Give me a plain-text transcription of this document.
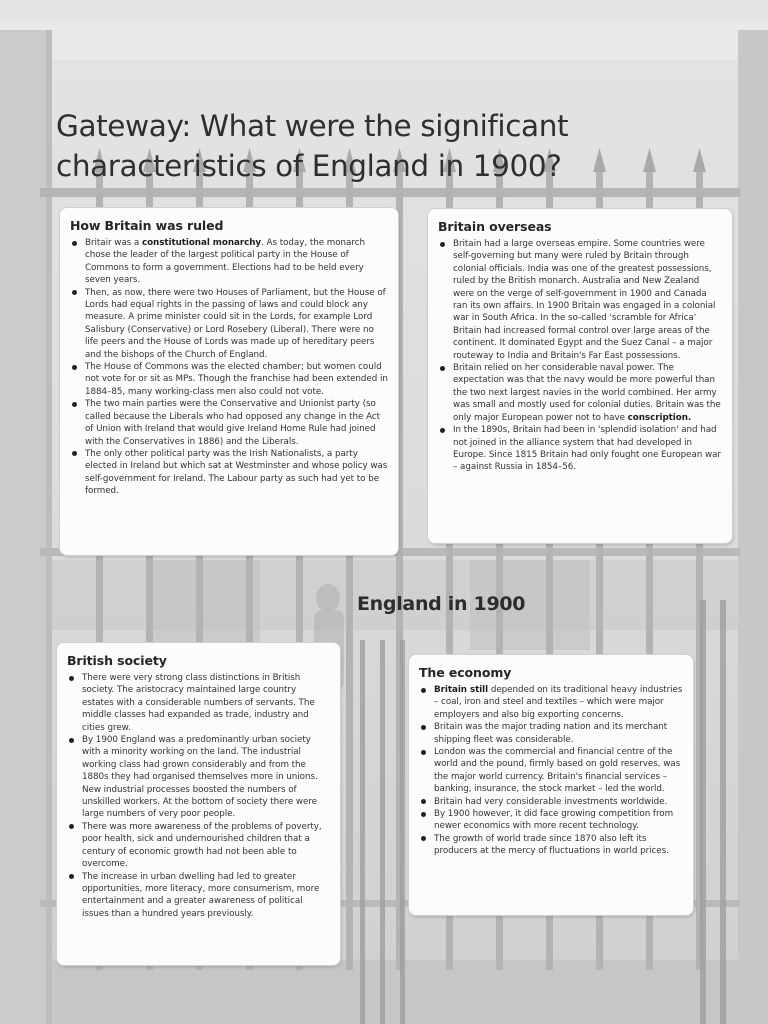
Gateway: What were the significant characteristics of England in 1900?
England in 1900
How Britain was ruled
Britair was a constitutional monarchy. As today, the monarch chose the leader of the largest political party in the House of Commons to form a government. Elections had to be held every seven years.
Then, as now, there were two Houses of Parliament, but the House of Lords had equal rights in the passing of laws and could block any measure. A prime minister could sit in the Lords, for example Lord Salisbury (Conservative) or Lord Rosebery (Liberal). There were no life peers and the House of Lords was made up of hereditary peers and the bishops of the Church of England.
The House of Commons was the elected chamber; but women could not vote for or sit as MPs. Though the franchise had been extended in 1884–85, many working-class men also could not vote.
The two main parties were the Conservative and Unionist party (so called because the Liberals who had opposed any change in the Act of Union with Ireland that would give Ireland Home Rule had joined with the Conservatives in 1886) and the Liberals.
The only other political party was the Irish Nationalists, a party elected in Ireland but which sat at Westminster and whose policy was self-government for Ireland. The Labour party as such had yet to be formed.
Britain overseas
Britain had a large overseas empire. Some countries were self-governing but many were ruled by Britain through colonial officials. India was one of the greatest possessions, ruled by the British monarch. Australia and New Zealand were on the verge of self-government in 1900 and Canada ran its own affairs. In 1900 Britain was engaged in a colonial war in South Africa. In the so-called 'scramble for Africa' Britain had increased formal control over large areas of the continent. It dominated Egypt and the Suez Canal – a major routeway to India and Britain's Far East possessions.
Britain relied on her considerable naval power. The expectation was that the navy would be more powerful than the two next largest navies in the world combined. Her army was small and mostly used for colonial duties. Britain was the only major European power not to have conscription.
In the 1890s, Britain had been in 'splendid isolation' and had not joined in the alliance system that had developed in Europe. Since 1815 Britain had only fought one European war – against Russia in 1854–56.
British society
There were very strong class distinctions in British society. The aristocracy maintained large country estates with a considerable numbers of servants. The middle classes had expanded as trade, industry and cities grew.
By 1900 England was a predominantly urban society with a minority working on the land. The industrial working class had grown considerably and from the 1880s they had organised themselves more in unions. New industrial processes boosted the numbers of unskilled workers. At the bottom of society there were large numbers of very poor people.
There was more awareness of the problems of poverty, poor health, sick and undernourished children that a century of economic growth had not been able to overcome.
The increase in urban dwelling had led to greater opportunities, more literacy, more consumerism, more entertainment and a greater awareness of political issues than a hundred years previously.
The economy
Britain still depended on its traditional heavy industries – coal, iron and steel and textiles – which were major employers and also big exporting concerns.
Britain was the major trading nation and its merchant shipping fleet was considerable.
London was the commercial and financial centre of the world and the pound, firmly based on gold reserves, was the major world currency. Britain's financial services – banking, insurance, the stock market – led the world.
Britain had very considerable investments worldwide.
By 1900 however, it did face growing competition from newer economics with more recent technology.
The growth of world trade since 1870 also left its producers at the mercy of fluctuations in world prices.
